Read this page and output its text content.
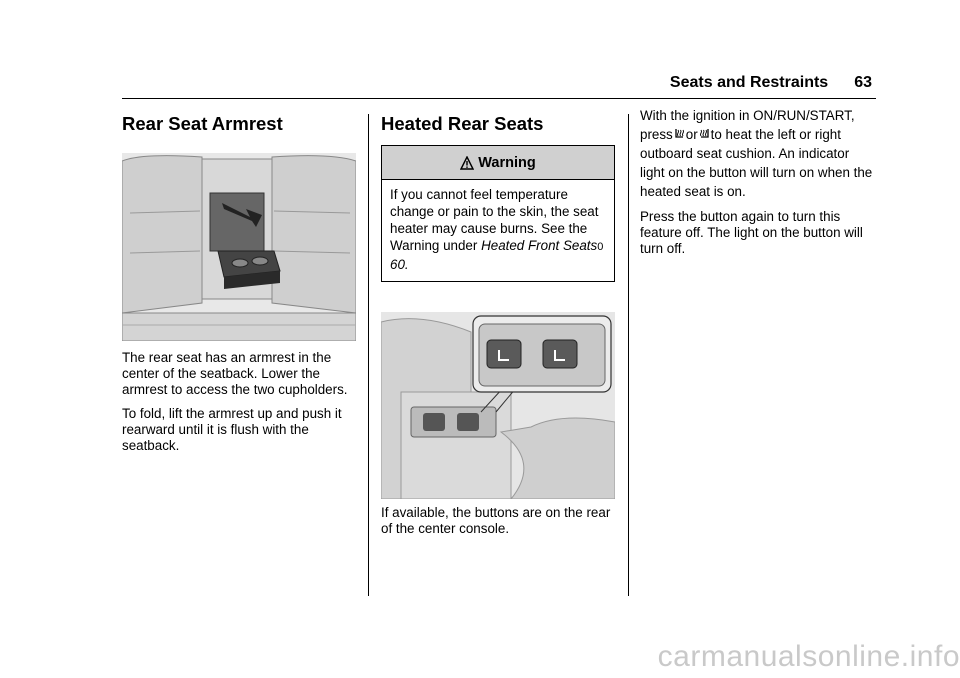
Seats and Restraints 63
Rear Seat Armrest

The rear seat has an armrest in the center of the seatback. Lower the armrest to access the two cupholders.

To fold, lift the armrest up and push it rearward until it is flush with the seatback.

Heated Rear Seats
Warning

If you cannot feel temperature change or pain to the skin, the seat heater may cause burns. See the Warning under Heated Front Seats0 60.

If available, the buttons are on the rear of the center console.

With the ignition in ON/RUN/START, press or to heat the left or right outboard seat cushion. An indicator light on the button will turn on when the heated seat is on.

Press the button again to turn this feature off. The light on the button will turn off.

carmanualsonline.info
